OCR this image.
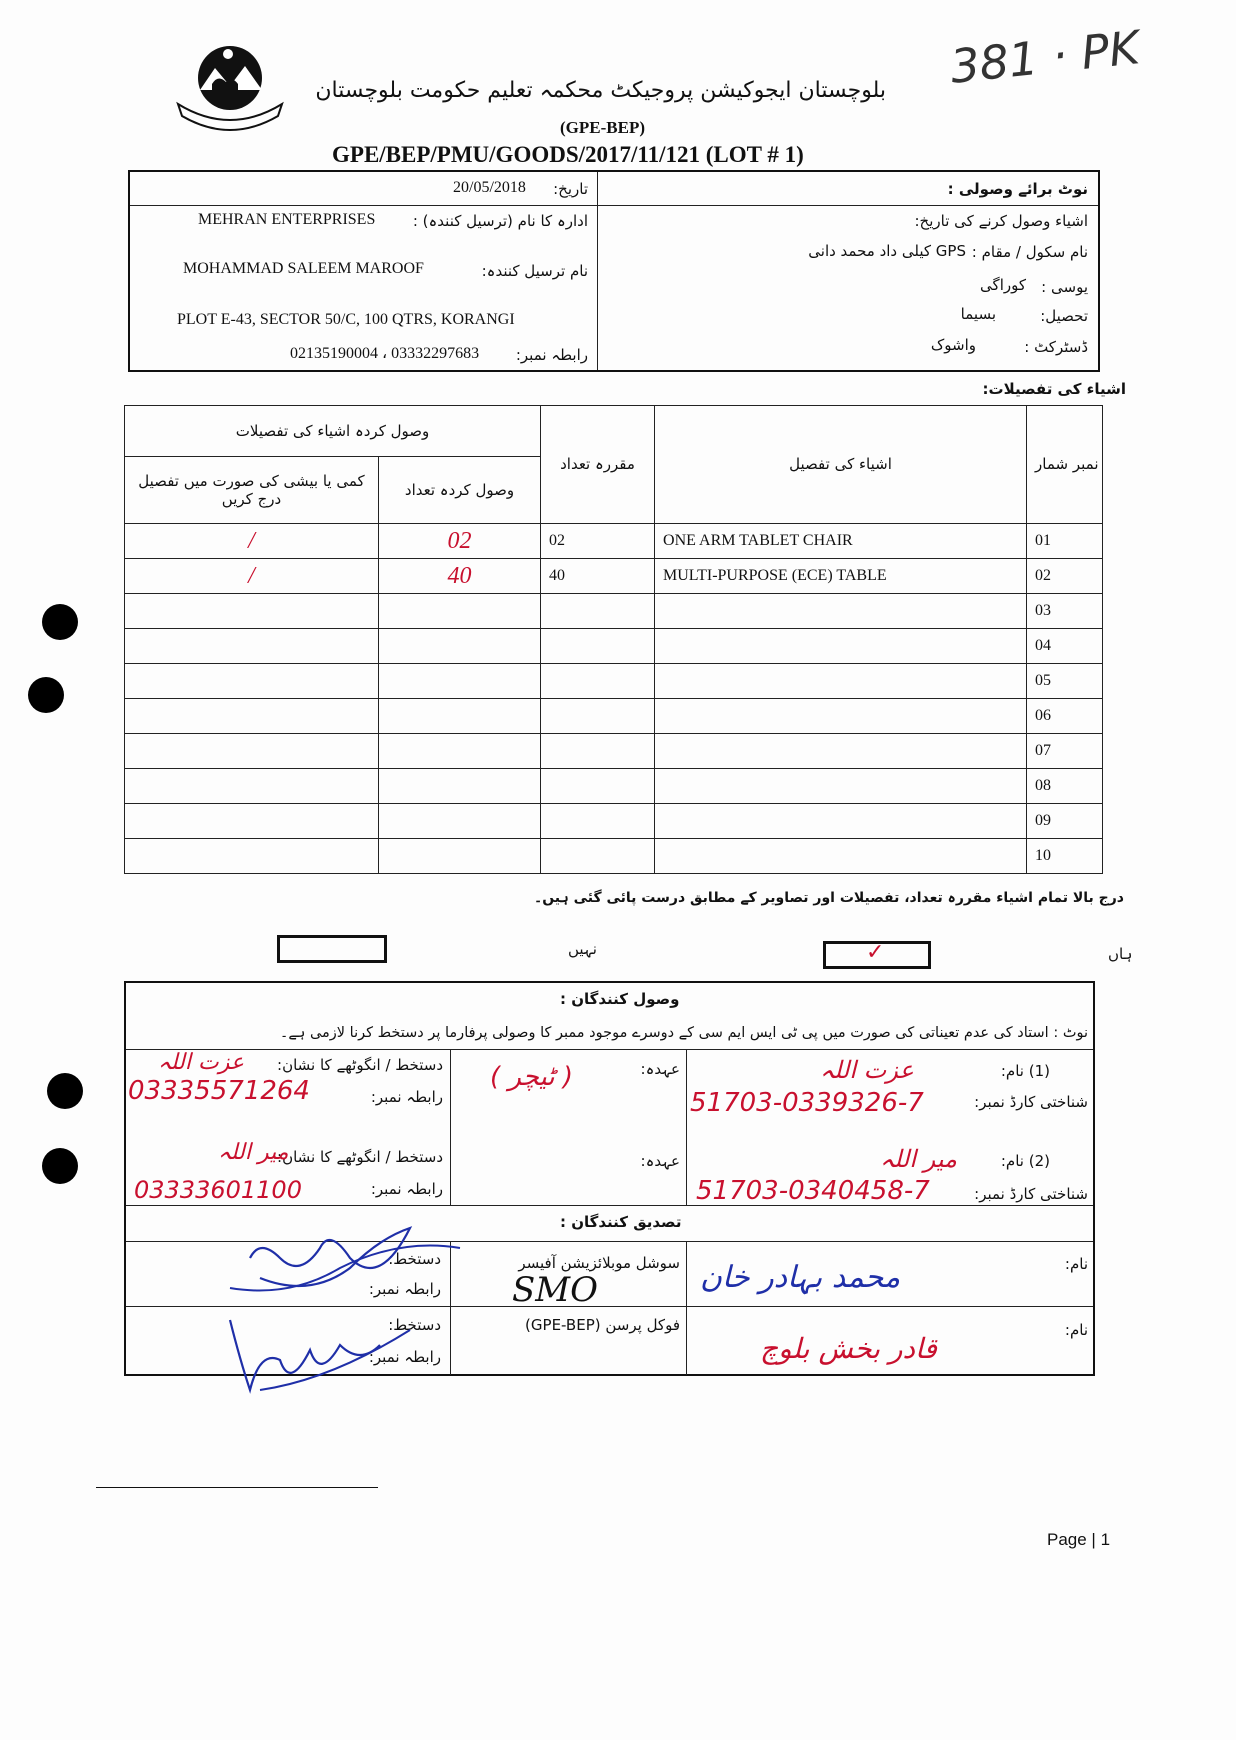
381 · PK
بلوچستان ایجوکیشن پروجیکٹ محکمہ تعلیم حکومت بلوچستان
(GPE-BEP)
GPE/BEP/PMU/GOODS/2017/11/121 (LOT # 1)
تاریخ:
20/05/2018	نوٹ برائے وصولی :
ادارہ کا نام (ترسیل کنندہ) :
MEHRAN ENTERPRISES
نام ترسیل کنندہ:
MOHAMMAD SALEEM MAROOF
PLOT E-43, SECTOR 50/C, 100 QTRS, KORANGI
رابطہ نمبر:
02135190004 ، 03332297683
اشیاء وصول کرنے کی تاریخ:
نام سکول / مقام :
GPS کیلی داد محمد دانی
یوسی :
کوراگی
تحصیل:
بسیما
ڈسٹرکٹ :
واشوک
اشیاء کی تفصیلات:
وصول کردہ اشیاء کی تفصیلات		مقررہ تعداد	اشیاء کی تفصیل	نمبر شمار

کمی یا بیشی کی صورت میں تفصیل درج کریں	وصول کردہ تعداد			
/	02	02	ONE ARM TABLET CHAIR	01
/	40	40	MULTI-PURPOSE (ECE) TABLE	02
				03
				04
				05
				06
				07
				08
				09
				10
درج بالا تمام اشیاء مقررہ تعداد، تفصیلات اور تصاویر کے مطابق درست پائی گئی ہیں۔
نہیں	✓	ہاں
وصول کنندگان :
نوٹ : استاد کی عدم تعیناتی کی صورت میں پی ٹی ایس ایم سی کے دوسرے موجود ممبر کا وصولی پرفارما پر دستخط کرنا لازمی ہے۔
(1) نام:
عزت اللہ
شناختی کارڈ نمبر:
51703-0339326-7
عہدہ:
( ٹیچر )
دستخط / انگوٹھے کا نشان:
عزت اللہ
رابطہ نمبر:
03335571264
(2) نام:
میر اللہ
شناختی کارڈ نمبر:
51703-0340458-7
عہدہ:
دستخط / انگوٹھے کا نشان:
میر اللہ
رابطہ نمبر:
03333601100
تصدیق کنندگان :
نام:
محمد بہادر خان
سوشل موبلائزیشن آفیسر
SMO
دستخط:
رابطہ نمبر:
نام:
قادر بخش بلوچ
فوکل پرسن (GPE-BEP)
دستخط:
رابطہ نمبر:
Page | 1
